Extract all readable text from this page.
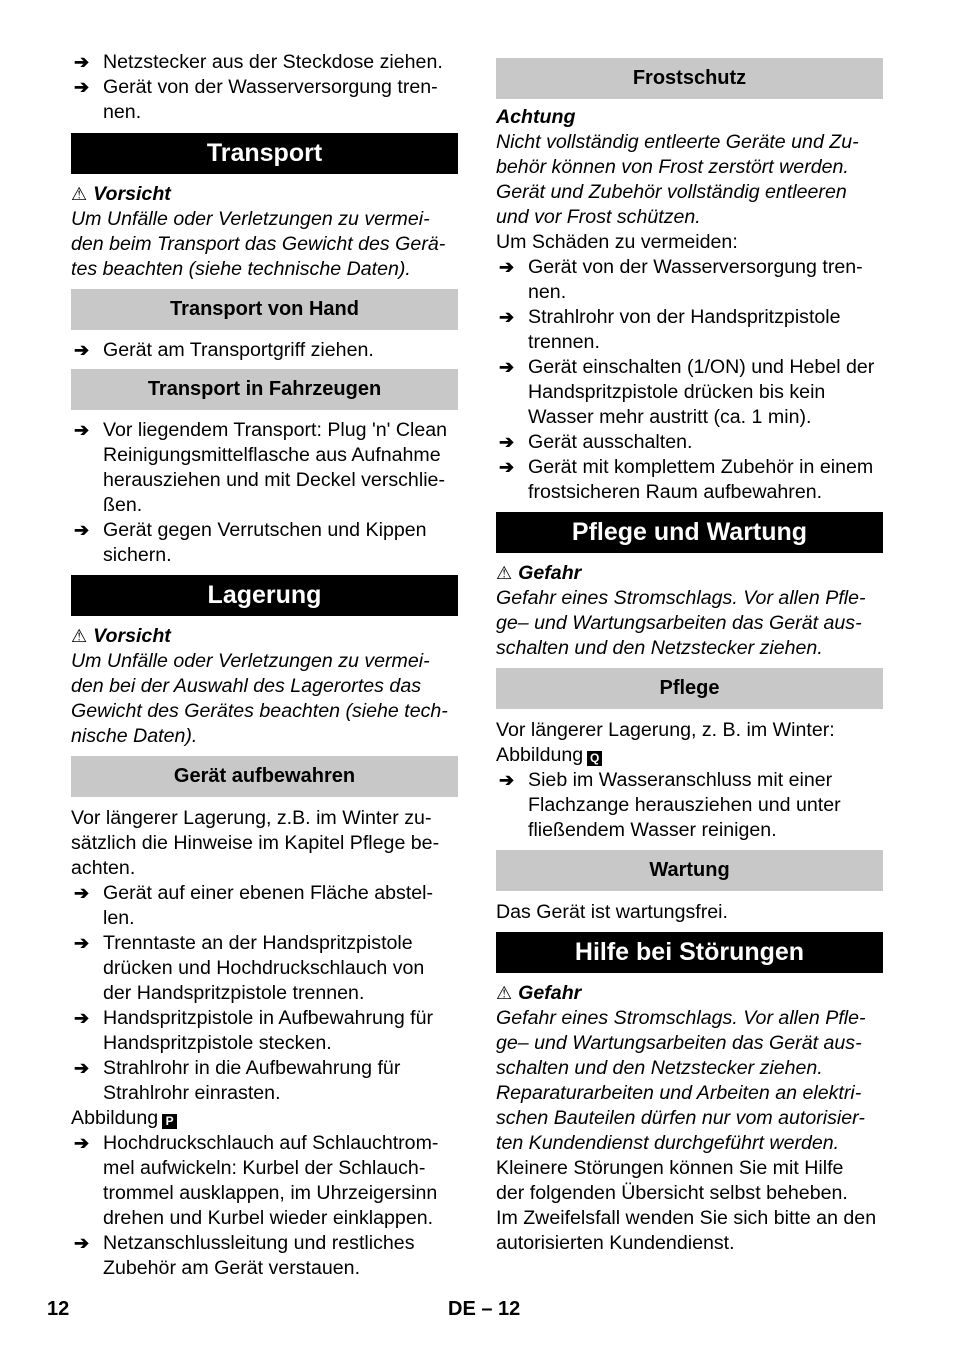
➔ Netzstecker aus der Steckdose ziehen.
➔ Gerät von der Wasserversorgung tren-
nen.
Transport
⚠ Vorsicht
Um Unfälle oder Verletzungen zu vermei-
den beim Transport das Gewicht des Gerä-
tes beachten (siehe technische Daten).
Transport von Hand
➔ Gerät am Transportgriff ziehen.
Transport in Fahrzeugen
➔ Vor liegendem Transport: Plug 'n' Clean
Reinigungsmittelflasche aus Aufnahme
herausziehen und mit Deckel verschlie-
ßen.
➔ Gerät gegen Verrutschen und Kippen
sichern.
Lagerung
⚠ Vorsicht
Um Unfälle oder Verletzungen zu vermei-
den bei der Auswahl des Lagerortes das
Gewicht des Gerätes beachten (siehe tech-
nische Daten).
Gerät aufbewahren
Vor längerer Lagerung, z.B. im Winter zu-
sätzlich die Hinweise im Kapitel Pflege be-
achten.
➔ Gerät auf einer ebenen Fläche abstel-
len.
➔ Trenntaste an der Handspritzpistole
drücken und Hochdruckschlauch von
der Handspritzpistole trennen.
➔ Handspritzpistole in Aufbewahrung für
Handspritzpistole stecken.
➔ Strahlrohr in die Aufbewahrung für
Strahlrohr einrasten.
Abbildung P
➔ Hochdruckschlauch auf Schlauchtrom-
mel aufwickeln: Kurbel der Schlauch-
trommel ausklappen, im Uhrzeigersinn
drehen und Kurbel wieder einklappen.
➔ Netzanschlussleitung und restliches
Zubehör am Gerät verstauen.
Frostschutz
Achtung
Nicht vollständig entleerte Geräte und Zu-
behör können von Frost zerstört werden.
Gerät und Zubehör vollständig entleeren
und vor Frost schützen.
Um Schäden zu vermeiden:
➔ Gerät von der Wasserversorgung tren-
nen.
➔ Strahlrohr von der Handspritzpistole
trennen.
➔ Gerät einschalten (1/ON) und Hebel der
Handspritzpistole drücken bis kein
Wasser mehr austritt (ca. 1 min).
➔ Gerät ausschalten.
➔ Gerät mit komplettem Zubehör in einem
frostsicheren Raum aufbewahren.
Pflege und Wartung
⚠ Gefahr
Gefahr eines Stromschlags. Vor allen Pfle-
ge– und Wartungsarbeiten das Gerät aus-
schalten und den Netzstecker ziehen.
Pflege
Vor längerer Lagerung, z. B. im Winter:
Abbildung Q
➔ Sieb im Wasseranschluss mit einer
Flachzange herausziehen und unter
fließendem Wasser reinigen.
Wartung
Das Gerät ist wartungsfrei.
Hilfe bei Störungen
⚠ Gefahr
Gefahr eines Stromschlags. Vor allen Pfle-
ge– und Wartungsarbeiten das Gerät aus-
schalten und den Netzstecker ziehen.
Reparaturarbeiten und Arbeiten an elektri-
schen Bauteilen dürfen nur vom autorisier-
ten Kundendienst durchgeführt werden.
Kleinere Störungen können Sie mit Hilfe
der folgenden Übersicht selbst beheben.
Im Zweifelsfall wenden Sie sich bitte an den
autorisierten Kundendienst.
12	DE – 12
